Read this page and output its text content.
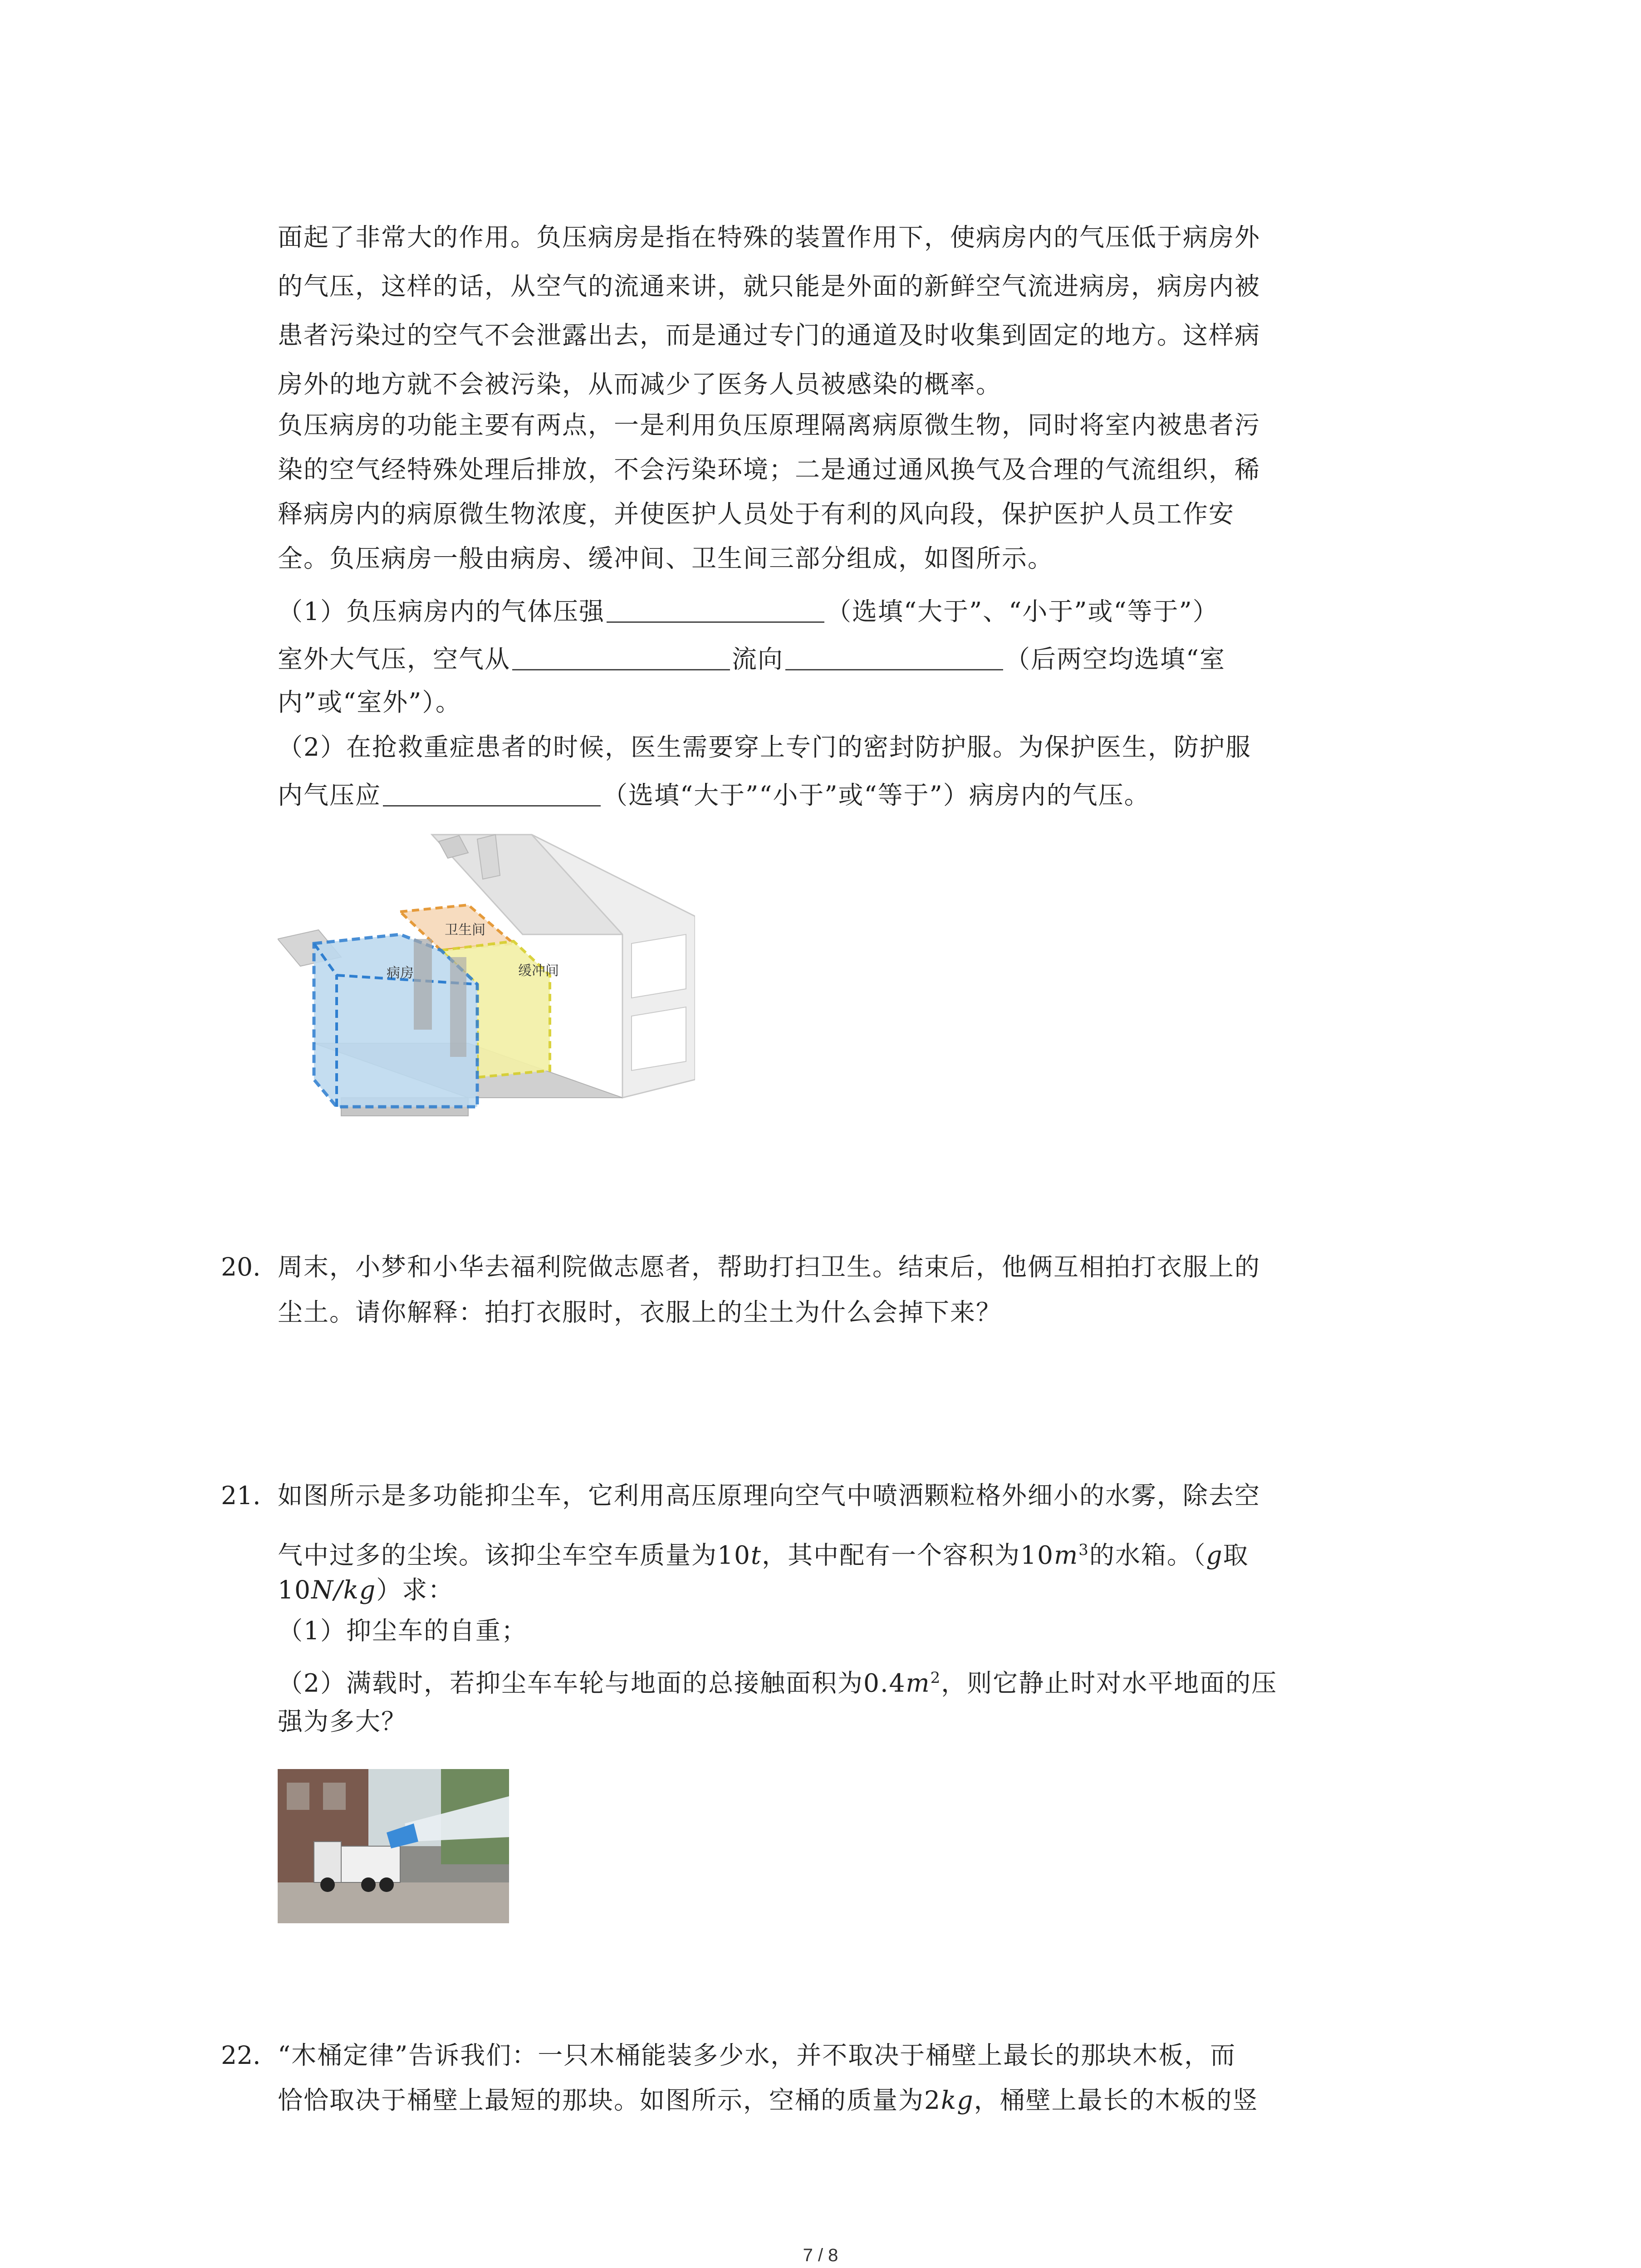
面起了非常大的作用。负压病房是指在特殊的装置作用下，使病房内的气压低于病房外
的气压，这样的话，从空气的流通来讲，就只能是外面的新鲜空气流进病房，病房内被
患者污染过的空气不会泄露出去，而是通过专门的通道及时收集到固定的地方。这样病
房外的地方就不会被污染，从而减少了医务人员被感染的概率。
负压病房的功能主要有两点，一是利用负压原理隔离病原微生物，同时将室内被患者污
染的空气经特殊处理后排放，不会污染环境；二是通过通风换气及合理的气流组织，稀
释病房内的病原微生物浓度，并使医护人员处于有利的风向段，保护医护人员工作安
全。负压病房一般由病房、缓冲间、卫生间三部分组成，如图所示。
（1）负压病房内的气体压强	（选填“大于”、“小于”或“等于”）
室外大气压，空气从	流向	（后两空均选填“室
内”或“室外”）。
（2）在抢救重症患者的时候，医生需要穿上专门的密封防护服。为保护医生，防护服
内气压应	（选填“大于”“小于”或“等于”）病房内的气压。
病房
卫生间
缓冲间
20. 周末，小梦和小华去福利院做志愿者，帮助打扫卫生。结束后，他俩互相拍打衣服上的
尘土。请你解释：拍打衣服时，衣服上的尘土为什么会掉下来？
21. 如图所示是多功能抑尘车，它利用高压原理向空气中喷洒颗粒格外细小的水雾，除去空
气中过多的尘埃。该抑尘车空车质量为10t，其中配有一个容积为$10m^3$的水箱。（g取
10N/kg）求：
（1）抑尘车的自重；
（2）满载时，若抑尘车车轮与地面的总接触面积为$0.4m^2$，则它静止时对水平地面的压
强为多大？
22. “木桶定律”告诉我们：一只木桶能装多少水，并不取决于桶壁上最长的那块木板，而
恰恰取决于桶壁上最短的那块。如图所示，空桶的质量为2kg，桶壁上最长的木板的竖
7 / 8
